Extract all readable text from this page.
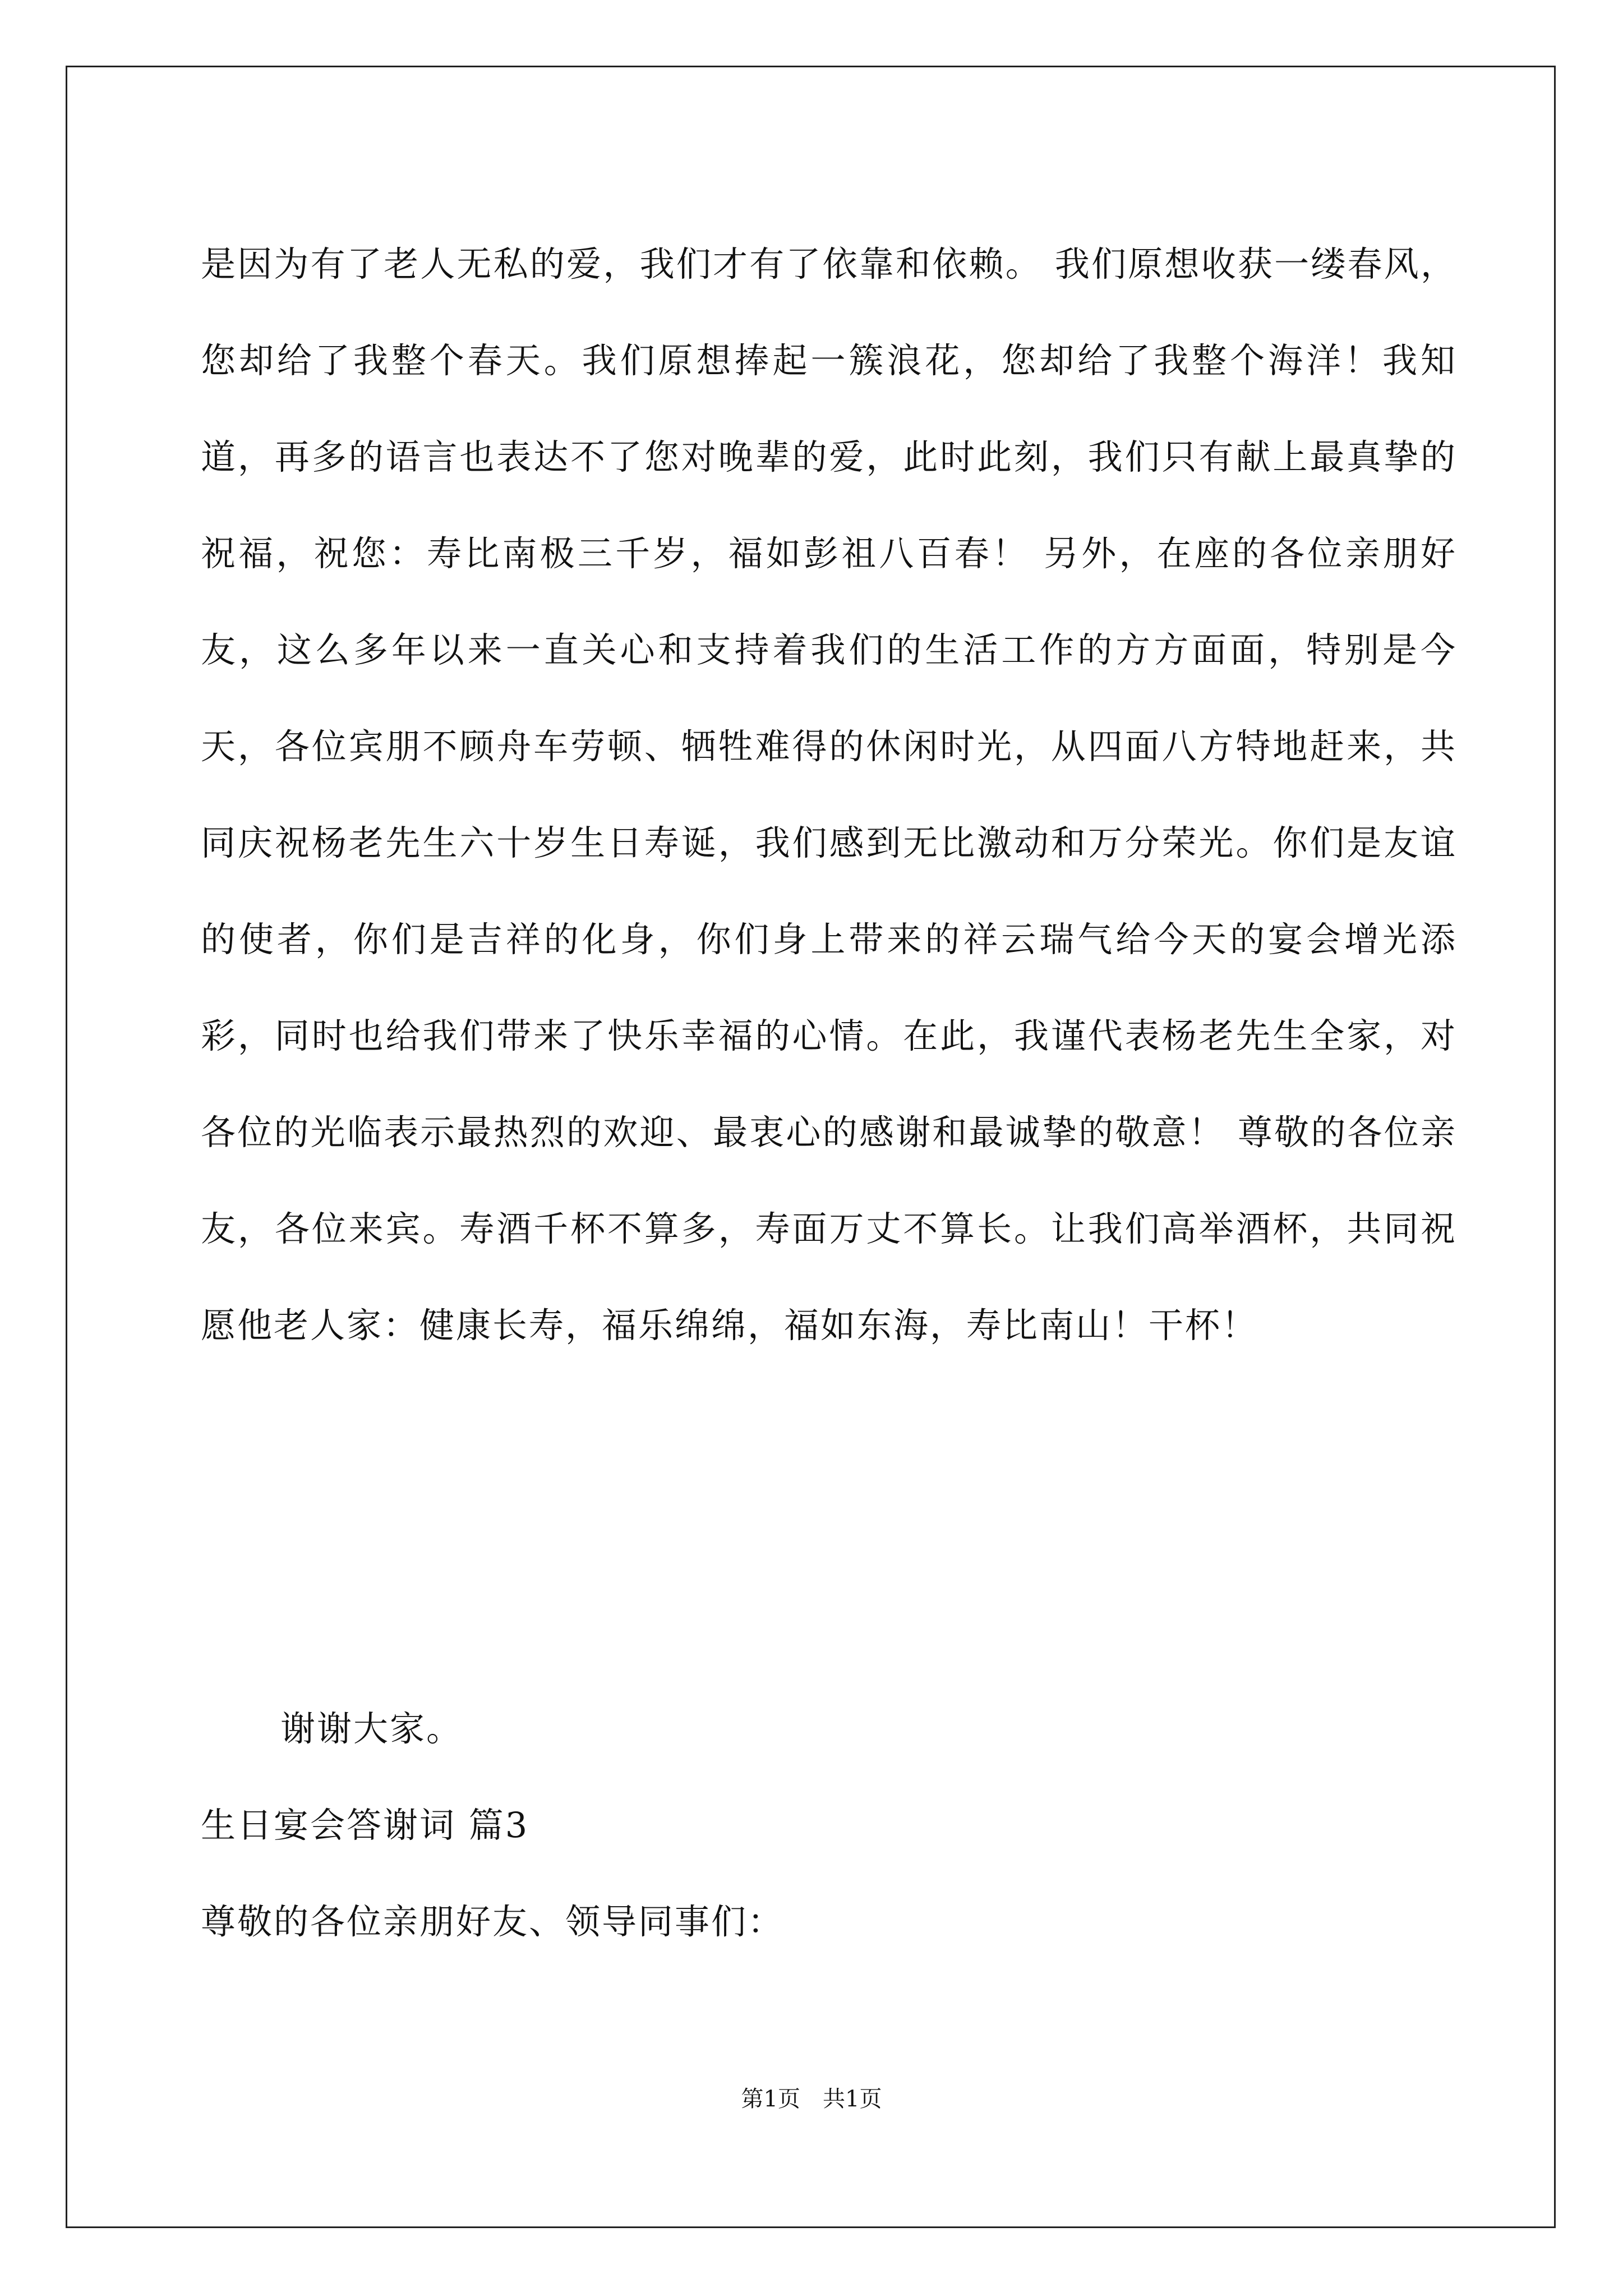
是因为有了老人无私的爱，我们才有了依靠和依赖。 我们原想收获一缕春风，您却给了我整个春天。我们原想捧起一簇浪花，您却给了我整个海洋！我知道，再多的语言也表达不了您对晚辈的爱，此时此刻，我们只有献上最真挚的祝福，祝您：寿比南极三千岁，福如彭祖八百春！ 另外，在座的各位亲朋好友，这么多年以来一直关心和支持着我们的生活工作的方方面面，特别是今天，各位宾朋不顾舟车劳顿、牺牲难得的休闲时光，从四面八方特地赶来，共同庆祝杨老先生六十岁生日寿诞，我们感到无比激动和万分荣光。你们是友谊的使者，你们是吉祥的化身，你们身上带来的祥云瑞气给今天的宴会增光添彩，同时也给我们带来了快乐幸福的心情。在此，我谨代表杨老先生全家，对各位的光临表示最热烈的欢迎、最衷心的感谢和最诚挚的敬意！ 尊敬的各位亲友，各位来宾。寿酒千杯不算多，寿面万丈不算长。让我们高举酒杯，共同祝愿他老人家：健康长寿，福乐绵绵，福如东海，寿比南山！干杯！

谢谢大家。

生日宴会答谢词 篇3

尊敬的各位亲朋好友、领导同事们：

第1页　共1页
